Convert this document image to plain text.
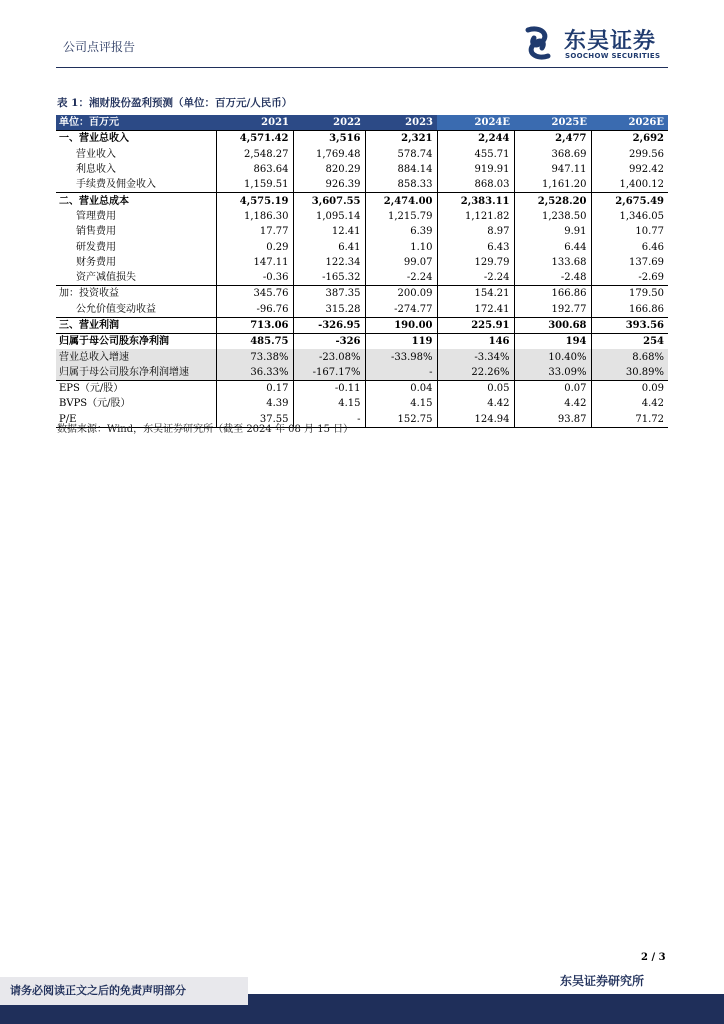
公司点评报告	东吴证券
SOOCHOW SECURITIES
表 1：湘财股份盈利预测（单位：百万元/人民币）
单位：百万元	2021	2022	2023	2024E	2025E	2026E
一、营业总收入	4,571.42	3,516	2,321	2,244	2,477	2,692
营业收入	2,548.27	1,769.48	578.74	455.71	368.69	299.56
利息收入	863.64	820.29	884.14	919.91	947.11	992.42
手续费及佣金收入	1,159.51	926.39	858.33	868.03	1,161.20	1,400.12
二、营业总成本	4,575.19	3,607.55	2,474.00	2,383.11	2,528.20	2,675.49
管理费用	1,186.30	1,095.14	1,215.79	1,121.82	1,238.50	1,346.05
销售费用	17.77	12.41	6.39	8.97	9.91	10.77
研发费用	0.29	6.41	1.10	6.43	6.44	6.46
财务费用	147.11	122.34	99.07	129.79	133.68	137.69
资产减值损失	-0.36	-165.32	-2.24	-2.24	-2.48	-2.69
加：投资收益	345.76	387.35	200.09	154.21	166.86	179.50
公允价值变动收益	-96.76	315.28	-274.77	172.41	192.77	166.86
三、营业利润	713.06	-326.95	190.00	225.91	300.68	393.56
归属于母公司股东净利润	485.75	-326	119	146	194	254
营业总收入增速	73.38%	-23.08%	-33.98%	-3.34%	10.40%	8.68%
归属于母公司股东净利润增速	36.33%	-167.17%	-	22.26%	33.09%	30.89%
EPS（元/股）	0.17	-0.11	0.04	0.05	0.07	0.09
BVPS（元/股）	4.39	4.15	4.15	4.42	4.42	4.42
P/E	37.55	-	152.75	124.94	93.87	71.72
数据来源：Wind，东吴证券研究所（截至 2024 年 08 月 15 日）
2 / 3
请务必阅读正文之后的免责声明部分
东吴证券研究所
